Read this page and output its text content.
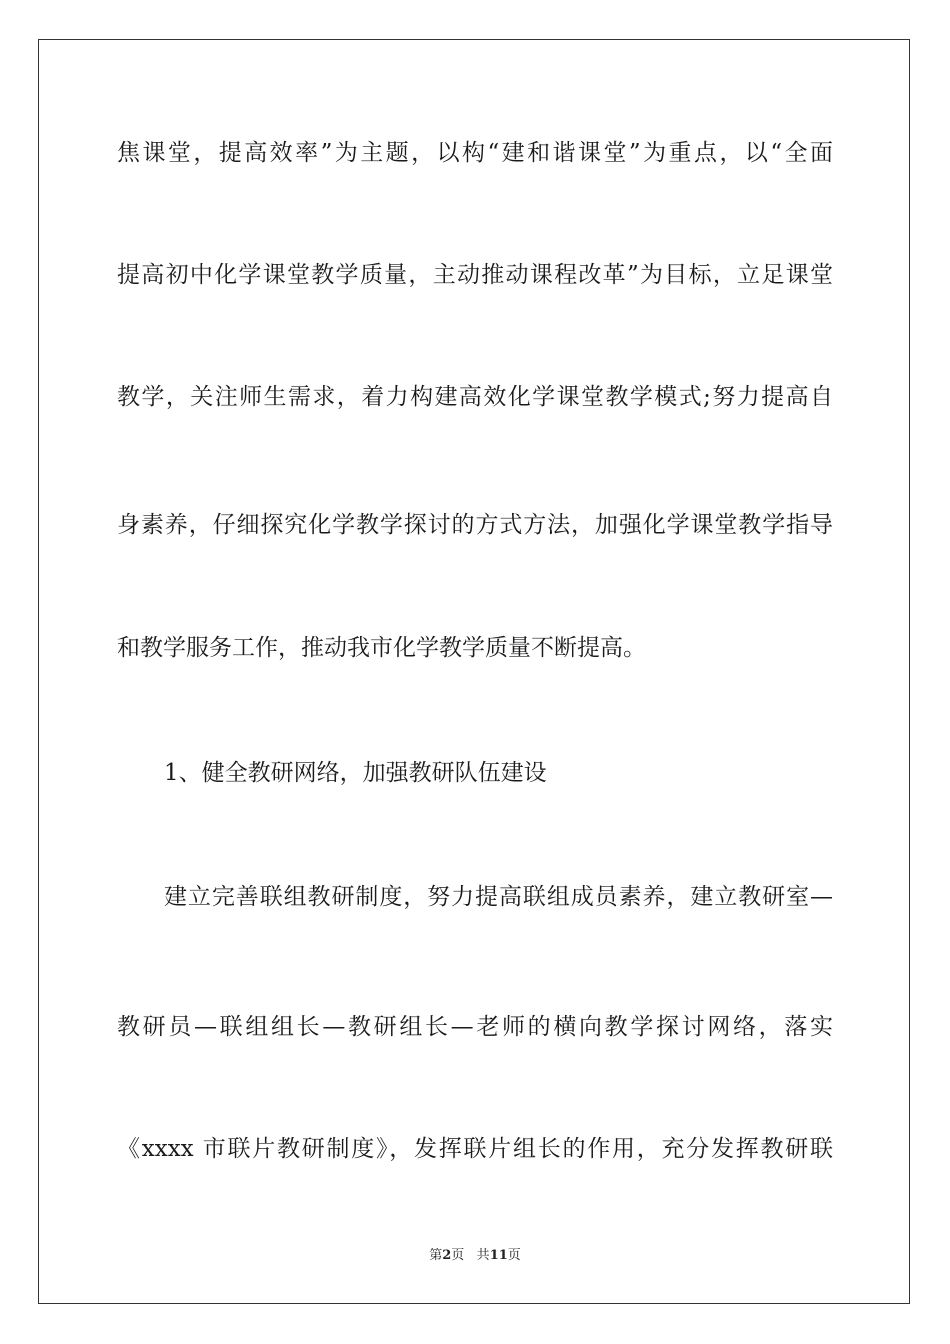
焦课堂，提高效率”为主题，以构“建和谐课堂”为重点，以“全面
提高初中化学课堂教学质量，主动推动课程改革”为目标，立足课堂
教学，关注师生需求，着力构建高效化学课堂教学模式;努力提高自
身素养，仔细探究化学教学探讨的方式方法，加强化学课堂教学指导
和教学服务工作，推动我市化学教学质量不断提高。
1、健全教研网络，加强教研队伍建设
建立完善联组教研制度，努力提高联组成员素养，建立教研室—
教研员—联组组长—教研组长—老师的横向教学探讨网络，落实
《xxxx 市联片教研制度》，发挥联片组长的作用，充分发挥教研联
第2页 共11页
